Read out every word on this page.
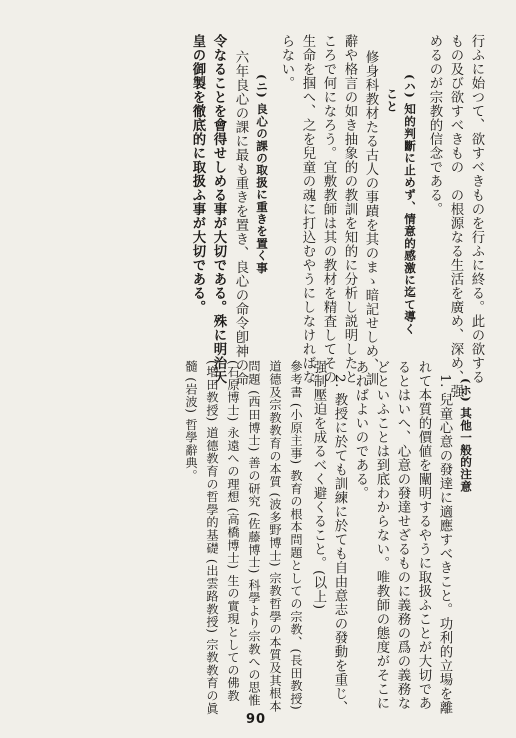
行ふに始つて、欲すべきものを行ふに終る。此の欲する
もの及び欲すべきもの　の根源なる生活を廣め、深め、强
めるのが宗教的信念である。
(ハ) 知的判斷に止めず、情意的感激に迄て導く
こと
修身科教材たる古人の事蹟を其のまゝ暗記せしめ、訓
辭や格言の如き抽象的の教訓を知的に分析し説明したと
ころで何になろう。宜敷教師は其の教材を精査してその
生命を掴へ、之を兒童の魂に打込むやうにしなければな
らない。
(ニ) 良心の課の取扱に重きを置く事
六年良心の課に最も重きを置き、良心の命令卽神の命
令なることを會得せしめる事が大切である。殊に明治天
皇の御製を徹底的に取扱ふ事が大切である。
(ホ) 其他一般的注意
1. 兒童心意の發達に適應すべきこと。功利的立場を離
れて本質的價値を闡明するやうに取扱ふことが大切であ
るとはいへ、心意の發達せざるものに義務の爲の義務な
どといふことは到底わからない。唯教師の態度がそこに
あればよいのである。
2. 教授に於ても訓練に於ても自由意志の發動を重じ、
强制壓迫を成るべく避くること。(以上)
參考書 (小原主事) 教育の根本問題としての宗教、(長田教授)
道德及宗教教育の本質 (波多野博士) 宗教哲學の本質及其根本
問題 (西田博士) 善の研究 (佐藤博士) 科學より宗教への思惟
(石原博士) 永遠への理想 (高橋博士) 生の實現としての佛教
(増田教授) 道德教育の哲學的基礎 (出雲路教授) 宗教教育の眞
髓 (岩波) 哲學辭典。
90
